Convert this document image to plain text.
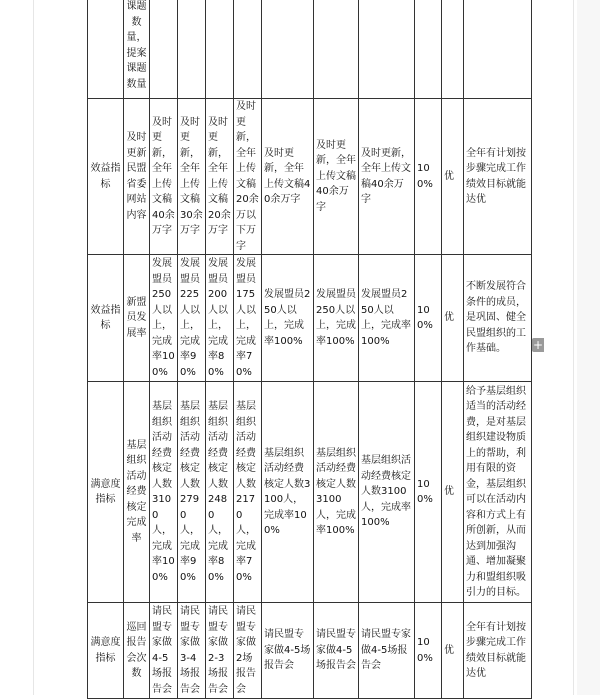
	课题数量，提案课题数量										
效益指标	及时更新民盟省委网站内容	及时更新，全年上传文稿40余万字	及时更新，全年上传文稿30余万字	及时更新，全年上传文稿20余万字	及时更新，全年上传文稿20余万以下万字	及时更新，全年上传文稿40余万字	及时更新，全年上传文稿40余万字	及时更新，全年上传文稿40余万字	100%	优	全年有计划按步骤完成工作绩效目标就能达优
效益指标	新盟员发展率	发展盟员250人以上，完成率100%	发展盟员225人以上，完成率90%	发展盟员200人以上，完成率80%	发展盟员175人以上，完成率70%	发展盟员250人以上，完成率100%	发展盟员250人以上，完成率100%	发展盟员250人以上，完成率100%	100%	优	不断发展符合条件的成员，是巩固、健全民盟组织的工作基础。
满意度指标	基层组织活动经费核定完成率	基层组织活动经费核定人数3100人，完成率100%	基层组织活动经费核定人数2790人，完成率90%	基层组织活动经费核定人数2480人，完成率80%	基层组织活动经费核定人数2170人，完成率70%	基层组织活动经费核定人数3100人，完成率100%	基层组织活动经费核定人数3100人，完成率100%	基层组织活动经费核定人数3100人，完成率100%	100%	优	给予基层组织适当的活动经费，是对基层组织建设物质上的帮助，利用有限的资金，基层组织可以在活动内容和方式上有所创新，从而达到加强沟通、增加凝聚力和盟组织吸引力的目标。
满意度指标	巡回报告会次数	请民盟专家做4-5场报告会	请民盟专家做3-4场报告会	请民盟专家做2-3场报告会	请民盟专家做2场报告会	请民盟专家做4-5场报告会	请民盟专家做4-5场报告会	请民盟专家做4-5场报告会	100%	优	全年有计划按步骤完成工作绩效目标就能达优
+
